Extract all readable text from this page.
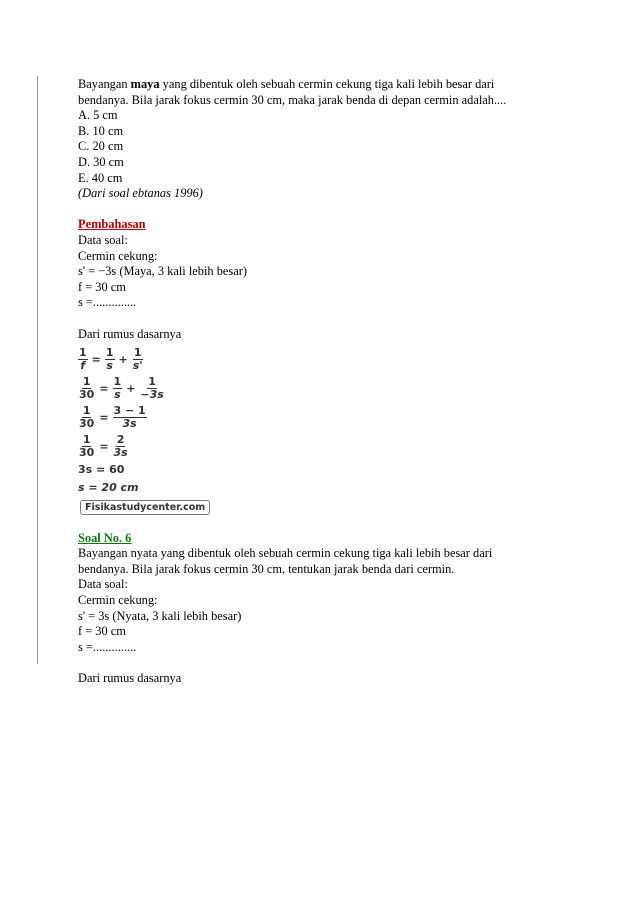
Bayangan maya yang dibentuk oleh sebuah cermin cekung tiga kali lebih besar dari
bendanya. Bila jarak fokus cermin 30 cm, maka jarak benda di depan cermin adalah....
A. 5 cm
B. 10 cm
C. 20 cm
D. 30 cm
E. 40 cm
(Dari soal ebtanas 1996)
Pembahasan
Data soal:
Cermin cekung:
s' = −3s (Maya, 3 kali lebih besar)
f = 30 cm
s =..............
Dari rumus dasarnya
$\frac{1}{f} = \frac{1}{s} + \frac{1}{s'}$
$\frac{1}{30} = \frac{1}{s} + \frac{1}{-3s}$
$\frac{1}{30} = \frac{3 - 1}{3s}$
$\frac{1}{30} = \frac{2}{3s}$
3s = 60
s = 20 cm
Fisikastudycenter.com
Soal No. 6
Bayangan nyata yang dibentuk oleh sebuah cermin cekung tiga kali lebih besar dari
bendanya. Bila jarak fokus cermin 30 cm, tentukan jarak benda dari cermin.
Data soal:
Cermin cekung:
s' = 3s (Nyata, 3 kali lebih besar)
f = 30 cm
s =..............
Dari rumus dasarnya
